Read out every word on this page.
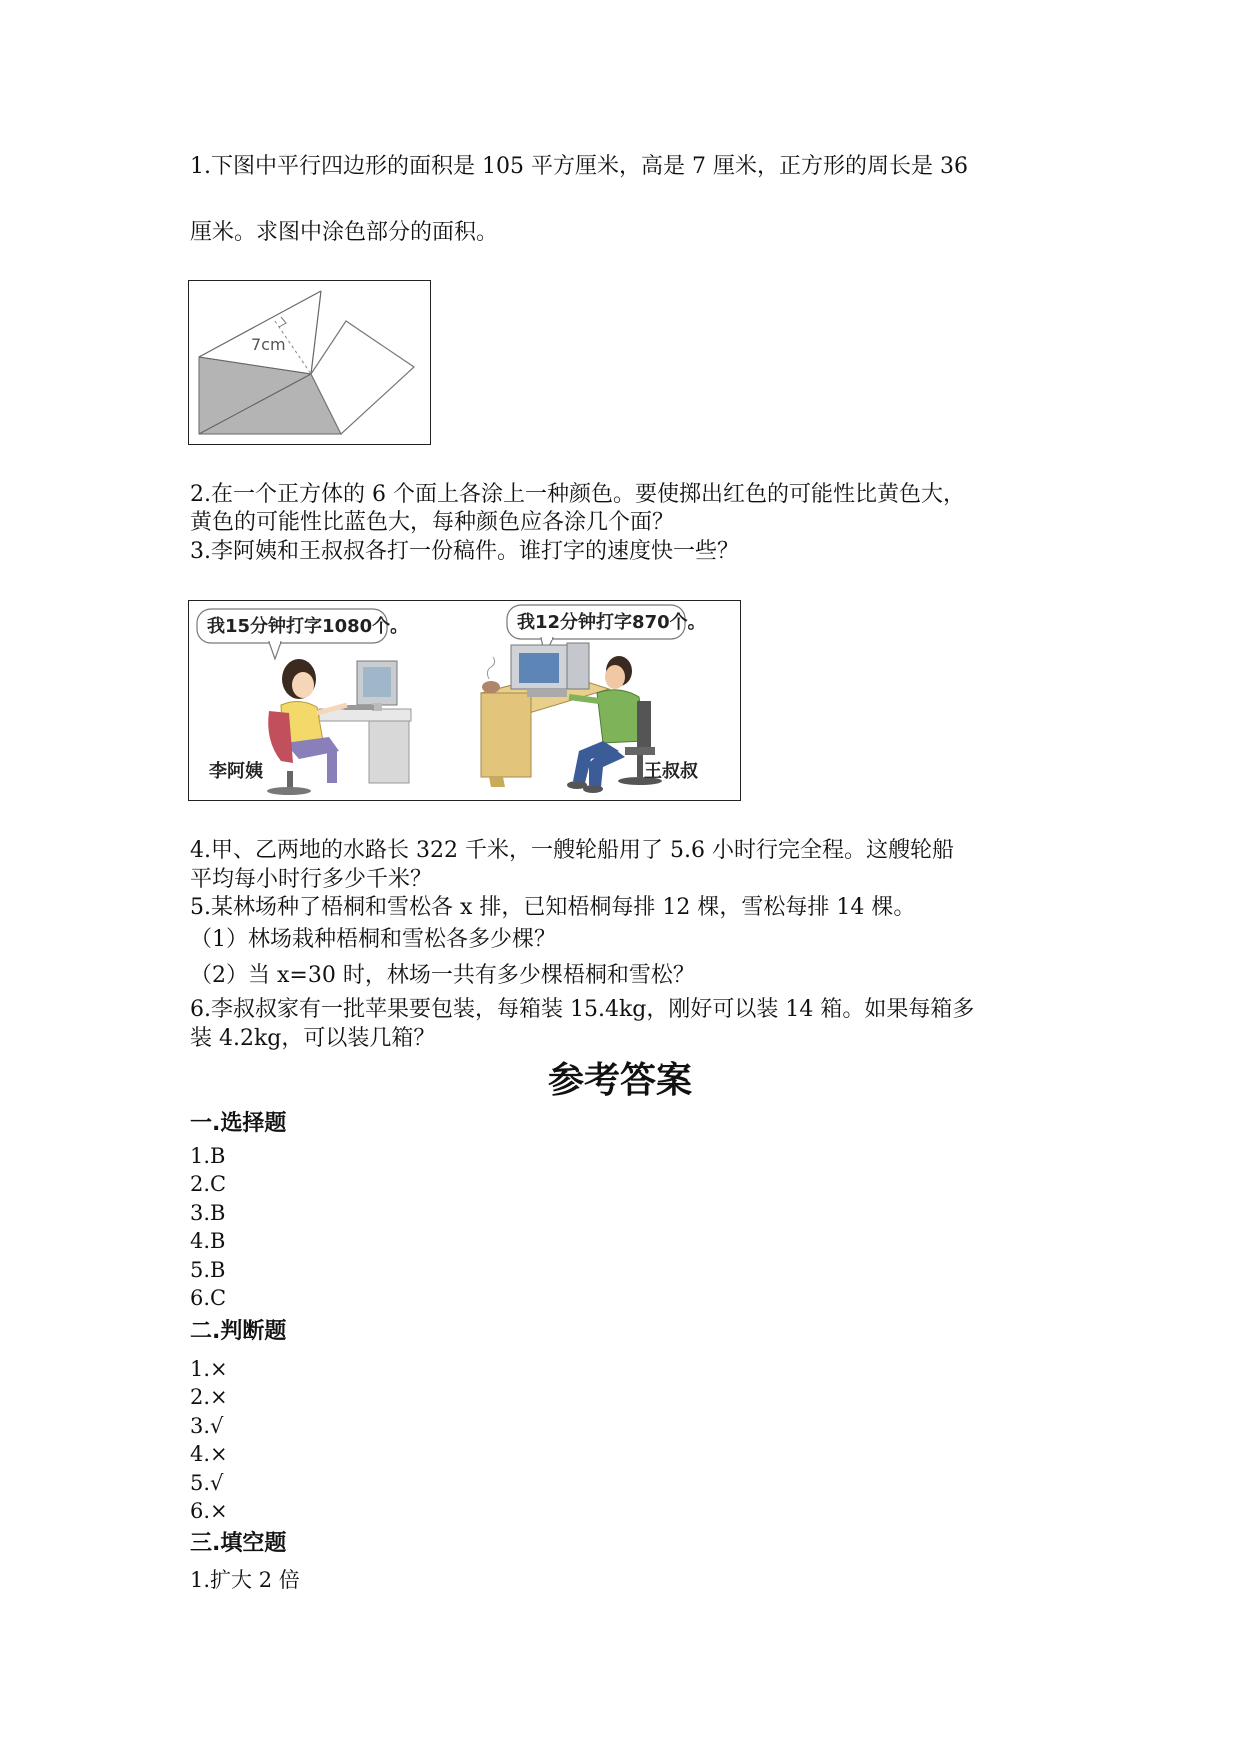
1.下图中平行四边形的面积是 105 平方厘米，高是 7 厘米，正方形的周长是 36
厘米。求图中涂色部分的面积。
7cm
2.在一个正方体的 6 个面上各涂上一种颜色。要使掷出红色的可能性比黄色大，
黄色的可能性比蓝色大，每种颜色应各涂几个面？
3.李阿姨和王叔叔各打一份稿件。谁打字的速度快一些？
我15分钟打字1080个。	我12分钟打字870个。
李阿姨	王叔叔
4.甲、乙两地的水路长 322 千米，一艘轮船用了 5.6 小时行完全程。这艘轮船
平均每小时行多少千米？
5.某林场种了梧桐和雪松各 x 排，已知梧桐每排 12 棵，雪松每排 14 棵。
（1）林场栽种梧桐和雪松各多少棵？
（2）当 x=30 时，林场一共有多少棵梧桐和雪松？
6.李叔叔家有一批苹果要包装，每箱装 15.4kg，刚好可以装 14 箱。如果每箱多
装 4.2kg，可以装几箱？
参考答案
一.选择题
1.B
2.C
3.B
4.B
5.B
6.C
二.判断题
1.×
2.×
3.√
4.×
5.√
6.×
三.填空题
1.扩大 2 倍
